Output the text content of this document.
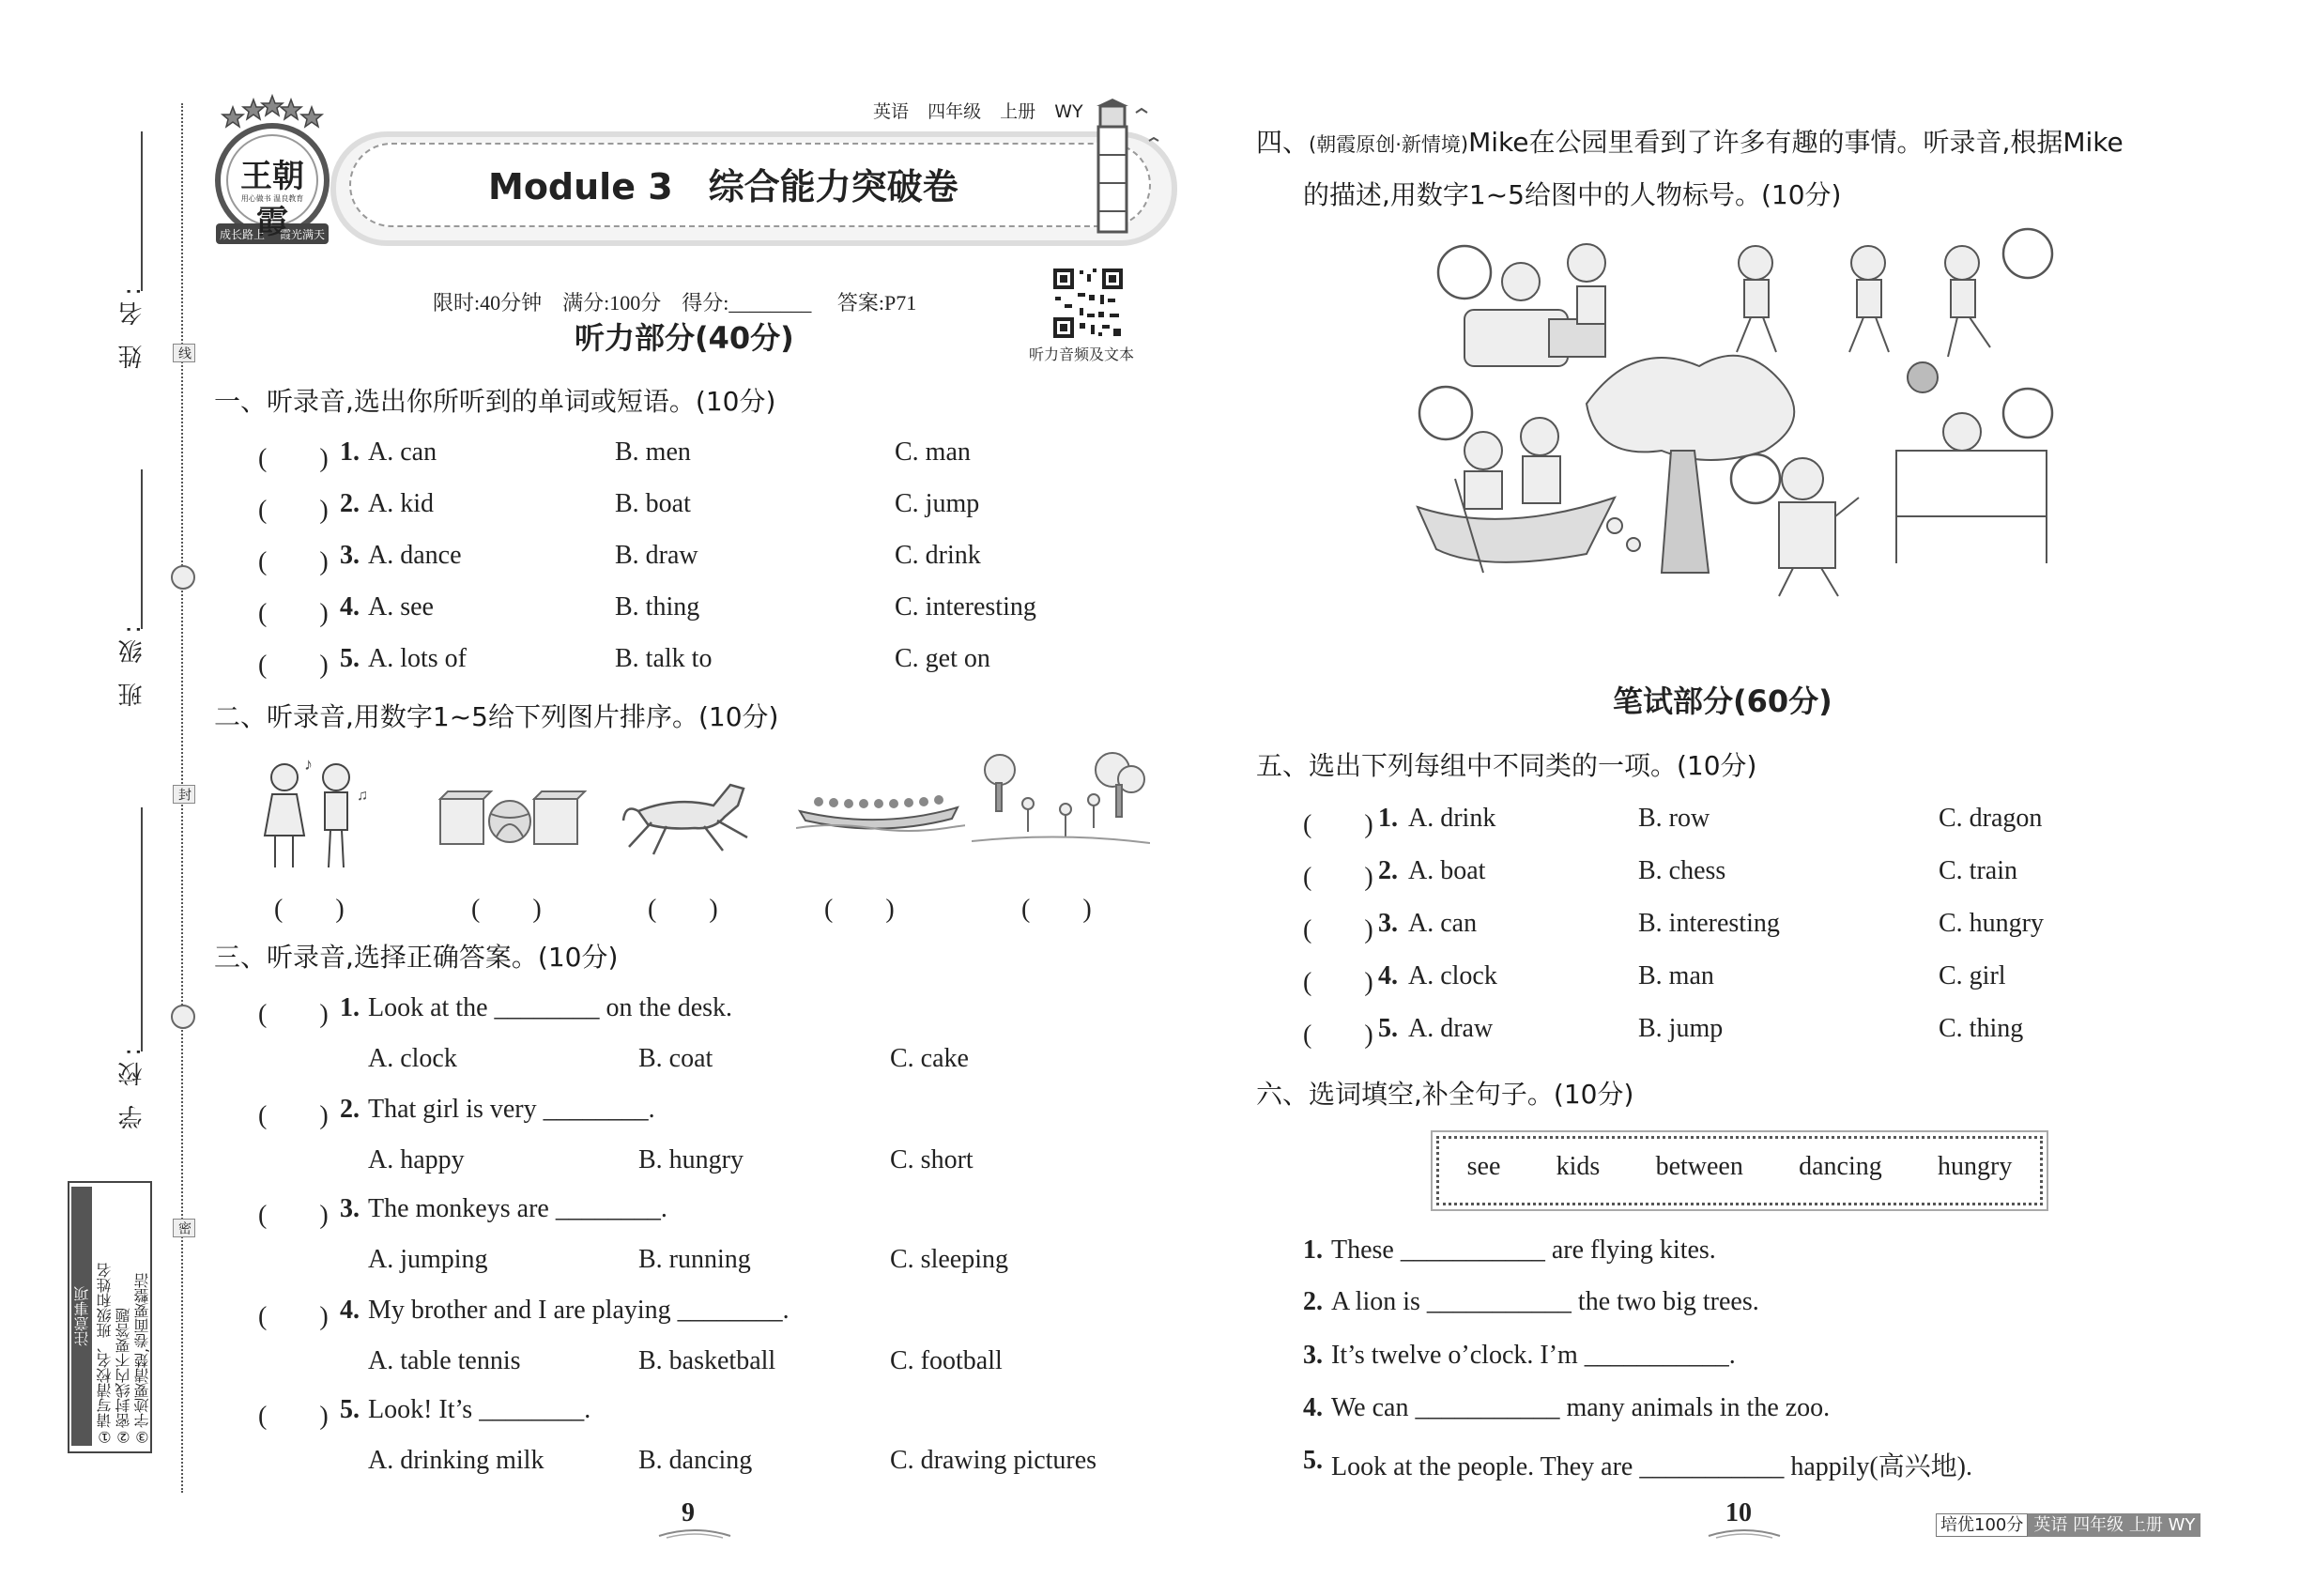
姓 名:
班 级:
学 校:
线
封
密
注意事项 ①请写清校名、班级和姓名 ②密封线内不要答题 ③字迹要清楚,卷面要整洁
王朝霞
用心做书 温良教育
成长路上 霞光满天
Module 3　综合能力突破卷
英语 四年级 上册 WY

限时:40分钟　 满分:100分　 得分:________　 答案:P71

听力音频及文本
听力部分(40分)
一、听录音,选出你所听到的单词或短语。(10分)
(　　) 1. A. can	B. men	C. man
(　　) 2. A. kid	B. boat	C. jump
(　　) 3. A. dance	B. draw	C. drink
(　　) 4. A. see	B. thing	C. interesting
(　　) 5. A. lots of	B. talk to	C. get on
二、听录音,用数字1~5给下列图片排序。(10分)
♪
♫
(　　)	(　　)	(　　)	(　　)	(　　)
三、听录音,选择正确答案。(10分)
(　　) 1. Look at the ________ on the desk.
A. clock	B. coat	C. cake
(　　) 2. That girl is very ________.
A. happy	B. hungry	C. short
(　　) 3. The monkeys are ________.
A. jumping	B. running	C. sleeping
(　　) 4. My brother and I are playing ________.
A. table tennis	B. basketball	C. football
(　　) 5. Look! It’s ________.
A. drinking milk	B. dancing	C. drawing pictures
9
四、(朝霞原创·新情境)Mike在公园里看到了许多有趣的事情。听录音,根据Mike
的描述,用数字1~5给图中的人物标号。(10分)
笔试部分(60分)
五、选出下列每组中不同类的一项。(10分)
(　　) 1. A. drink	B. row	C. dragon
(　　) 2. A. boat	B. chess	C. train
(　　) 3. A. can	B. interesting	C. hungry
(　　) 4. A. clock	B. man	C. girl
(　　) 5. A. draw	B. jump	C. thing
六、选词填空,补全句子。(10分)
see kids between dancing hungry
1. These ___________ are flying kites.
2. A lion is ___________ the two big trees.
3. It’s twelve o’clock. I’m ___________.
4. We can ___________ many animals in the zoo.
5. Look at the people. They are ___________ happily(高兴地).
10	培优100分 英语 四年级 上册 WY
